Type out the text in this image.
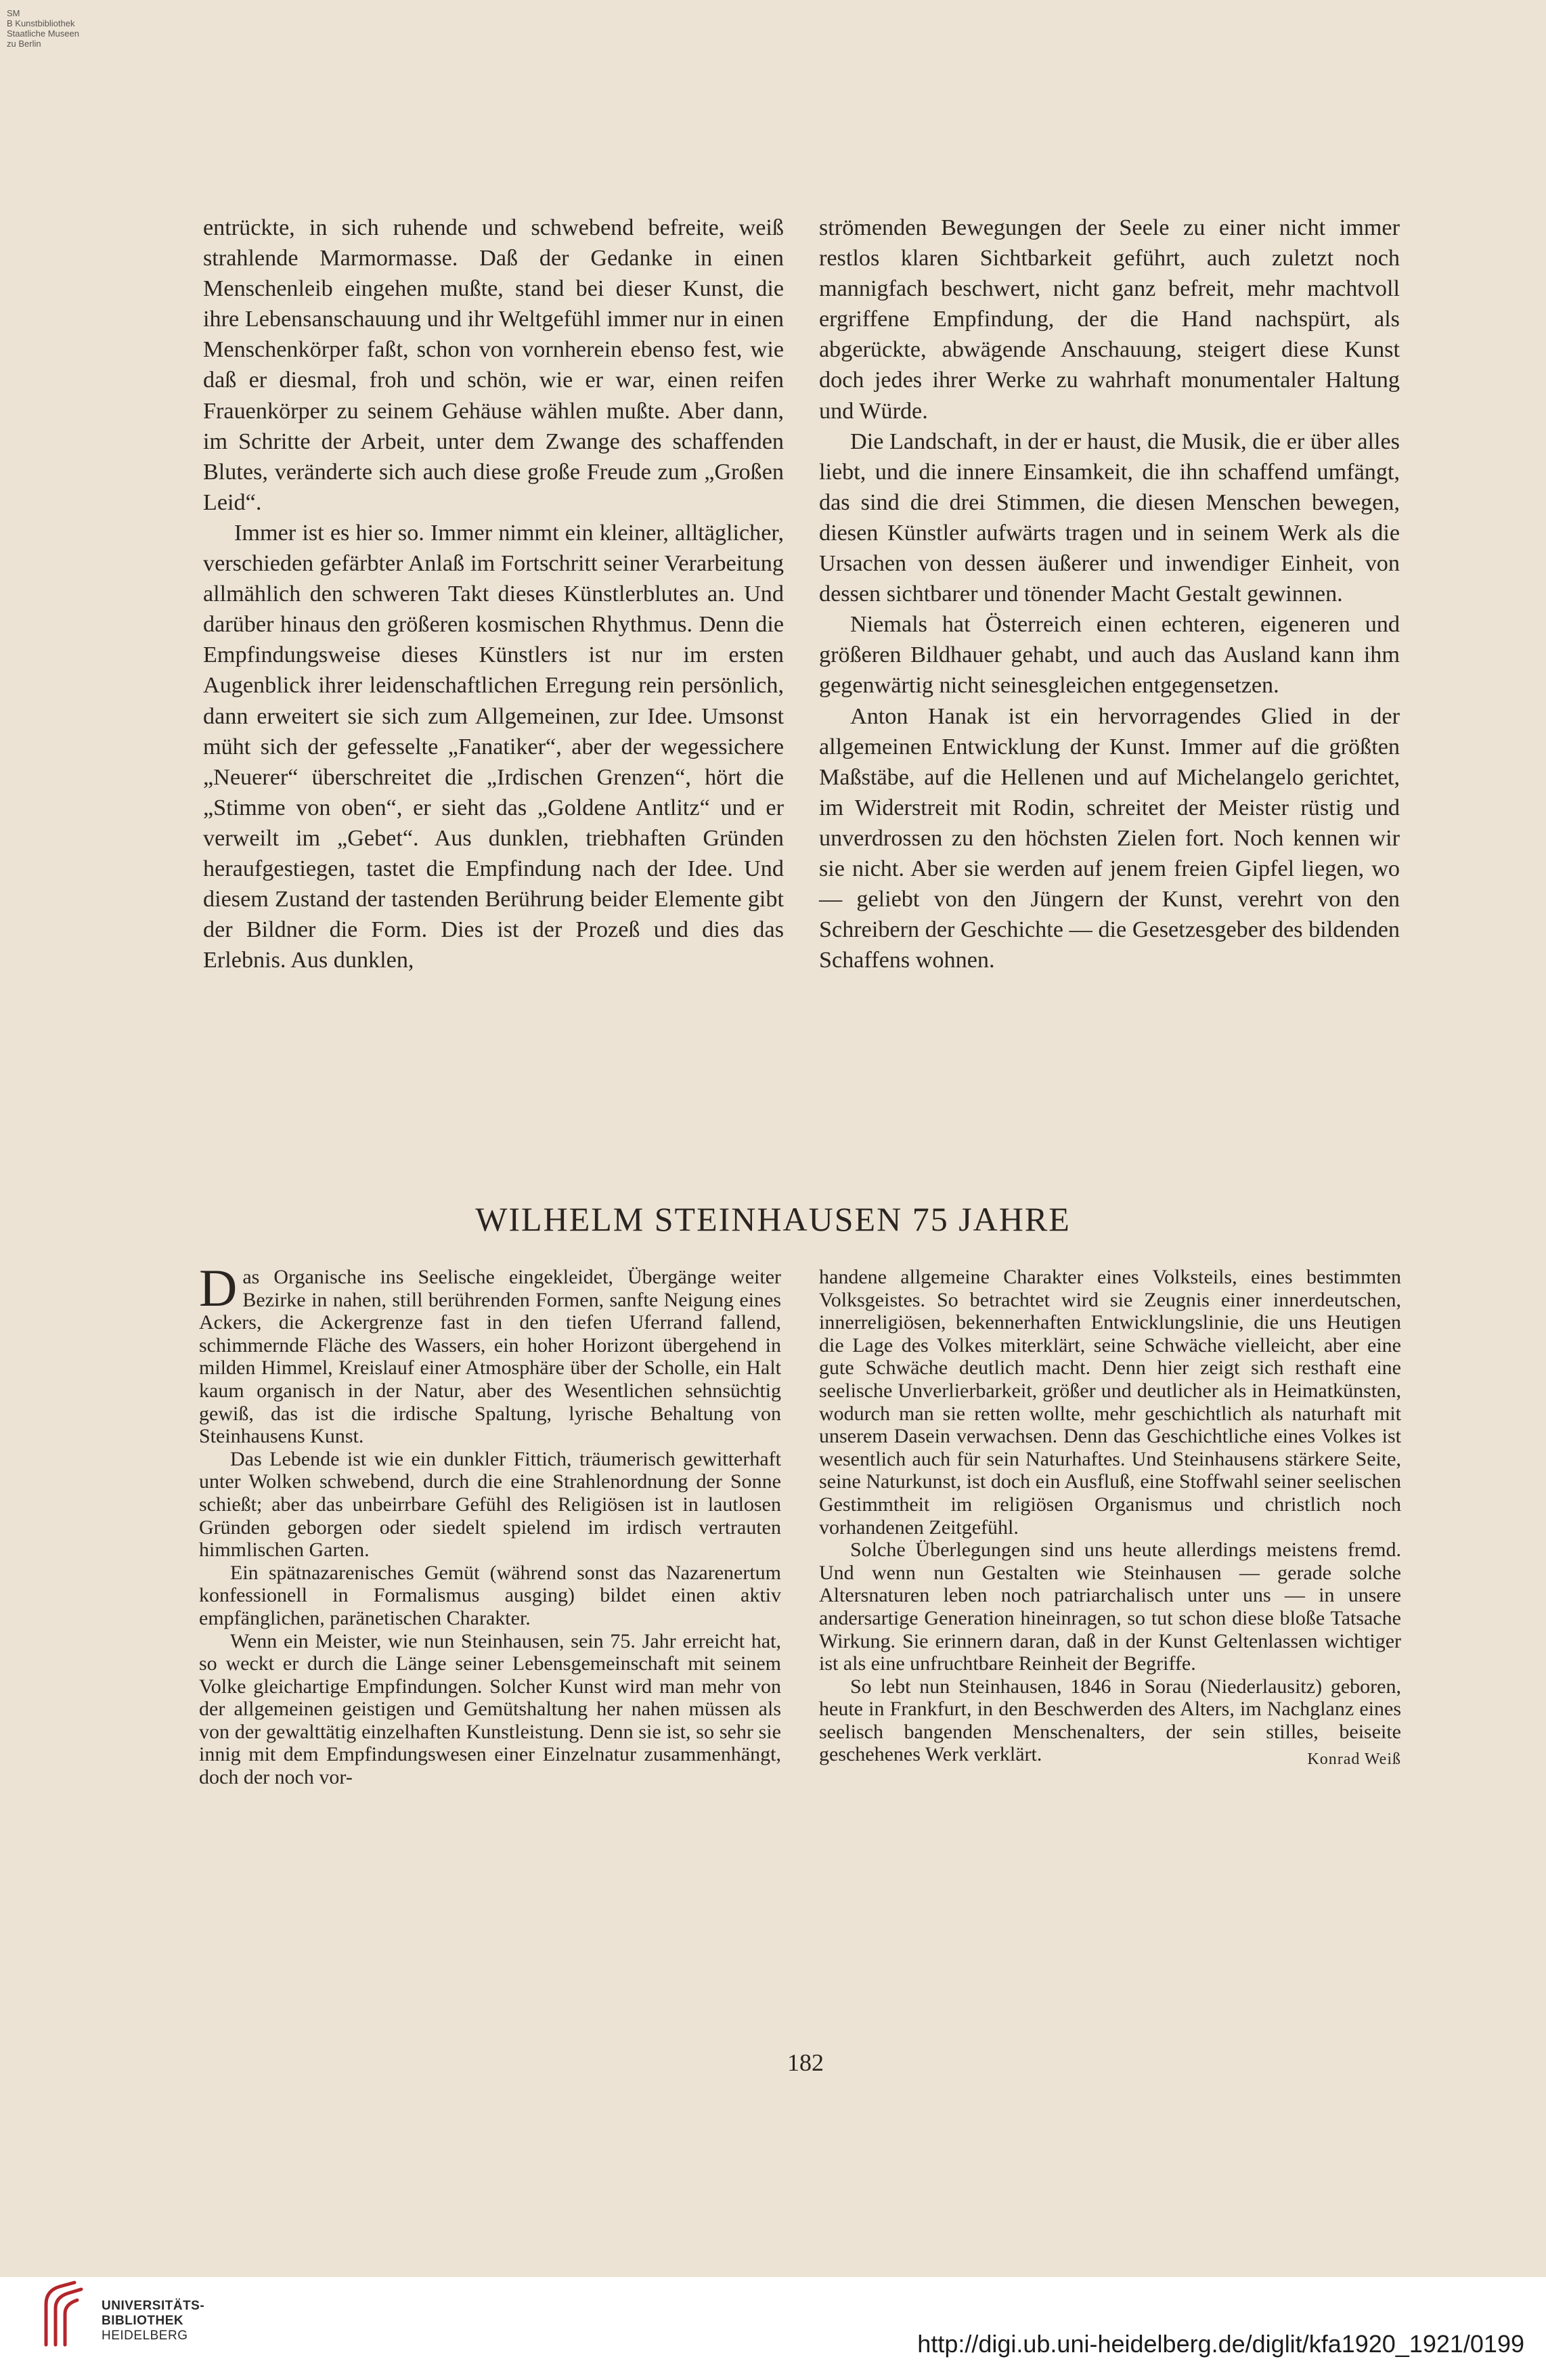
SM
B Kunstbibliothek
Staatliche Museen
zu Berlin

entrückte, in sich ruhende und schwebend befreite, weiß strahlende Marmormasse. Daß der Gedanke in einen Menschenleib eingehen mußte, stand bei dieser Kunst, die ihre Lebensanschauung und ihr Weltgefühl immer nur in einen Menschenkörper faßt, schon von vornherein ebenso fest, wie daß er diesmal, froh und schön, wie er war, einen reifen Frauenkörper zu seinem Gehäuse wählen mußte. Aber dann, im Schritte der Arbeit, unter dem Zwange des schaffenden Blutes, veränderte sich auch diese große Freude zum „Großen Leid“.

Immer ist es hier so. Immer nimmt ein kleiner, alltäglicher, verschieden gefärbter Anlaß im Fortschritt seiner Verarbeitung allmählich den schweren Takt dieses Künstlerblutes an. Und darüber hinaus den größeren kosmischen Rhythmus. Denn die Empfindungsweise dieses Künstlers ist nur im ersten Augenblick ihrer leidenschaftlichen Erregung rein persönlich, dann erweitert sie sich zum Allgemeinen, zur Idee. Umsonst müht sich der gefesselte „Fanatiker“, aber der wegessichere „Neuerer“ überschreitet die „Irdischen Grenzen“, hört die „Stimme von oben“, er sieht das „Goldene Antlitz“ und er verweilt im „Gebet“. Aus dunklen, triebhaften Gründen heraufgestiegen, tastet die Empfindung nach der Idee. Und diesem Zustand der tastenden Berührung beider Elemente gibt der Bildner die Form. Dies ist der Prozeß und dies das Erlebnis. Aus dunklen,

strömenden Bewegungen der Seele zu einer nicht immer restlos klaren Sichtbarkeit geführt, auch zuletzt noch mannigfach beschwert, nicht ganz befreit, mehr machtvoll ergriffene Empfindung, der die Hand nachspürt, als abgerückte, abwägende Anschauung, steigert diese Kunst doch jedes ihrer Werke zu wahrhaft monumentaler Haltung und Würde.

Die Landschaft, in der er haust, die Musik, die er über alles liebt, und die innere Einsamkeit, die ihn schaffend umfängt, das sind die drei Stimmen, die diesen Menschen bewegen, diesen Künstler aufwärts tragen und in seinem Werk als die Ursachen von dessen äußerer und inwendiger Einheit, von dessen sichtbarer und tönender Macht Gestalt gewinnen.

Niemals hat Österreich einen echteren, eigeneren und größeren Bildhauer gehabt, und auch das Ausland kann ihm gegenwärtig nicht seinesgleichen entgegensetzen.

Anton Hanak ist ein hervorragendes Glied in der allgemeinen Entwicklung der Kunst. Immer auf die größten Maßstäbe, auf die Hellenen und auf Michelangelo gerichtet, im Widerstreit mit Rodin, schreitet der Meister rüstig und unverdrossen zu den höchsten Zielen fort. Noch kennen wir sie nicht. Aber sie werden auf jenem freien Gipfel liegen, wo — geliebt von den Jüngern der Kunst, verehrt von den Schreibern der Geschichte — die Gesetzesgeber des bildenden Schaffens wohnen.

WILHELM STEINHAUSEN 75 JAHRE

Das Organische ins Seelische eingekleidet, Übergänge weiter Bezirke in nahen, still berührenden Formen, sanfte Neigung eines Ackers, die Ackergrenze fast in den tiefen Uferrand fallend, schimmernde Fläche des Wassers, ein hoher Horizont übergehend in milden Himmel, Kreislauf einer Atmosphäre über der Scholle, ein Halt kaum organisch in der Natur, aber des Wesentlichen sehnsüchtig gewiß, das ist die irdische Spaltung, lyrische Behaltung von Steinhausens Kunst.

Das Lebende ist wie ein dunkler Fittich, träumerisch gewitterhaft unter Wolken schwebend, durch die eine Strahlenordnung der Sonne schießt; aber das unbeirrbare Gefühl des Religiösen ist in lautlosen Gründen geborgen oder siedelt spielend im irdisch vertrauten himmlischen Garten.

Ein spätnazarenisches Gemüt (während sonst das Nazarenertum konfessionell in Formalismus ausging) bildet einen aktiv empfänglichen, paränetischen Charakter.

Wenn ein Meister, wie nun Steinhausen, sein 75. Jahr erreicht hat, so weckt er durch die Länge seiner Lebensgemeinschaft mit seinem Volke gleichartige Empfindungen. Solcher Kunst wird man mehr von der allgemeinen geistigen und Gemütshaltung her nahen müssen als von der gewalttätig einzelhaften Kunstleistung. Denn sie ist, so sehr sie innig mit dem Empfindungswesen einer Einzelnatur zusammenhängt, doch der noch vor-

handene allgemeine Charakter eines Volksteils, eines bestimmten Volksgeistes. So betrachtet wird sie Zeugnis einer innerdeutschen, innerreligiösen, bekennerhaften Entwicklungslinie, die uns Heutigen die Lage des Volkes miterklärt, seine Schwäche vielleicht, aber eine gute Schwäche deutlich macht. Denn hier zeigt sich resthaft eine seelische Unverlierbarkeit, größer und deutlicher als in Heimatkünsten, wodurch man sie retten wollte, mehr geschichtlich als naturhaft mit unserem Dasein verwachsen. Denn das Geschichtliche eines Volkes ist wesentlich auch für sein Naturhaftes. Und Steinhausens stärkere Seite, seine Naturkunst, ist doch ein Ausfluß, eine Stoffwahl seiner seelischen Gestimmtheit im religiösen Organismus und christlich noch vorhandenen Zeitgefühl.

Solche Überlegungen sind uns heute allerdings meistens fremd. Und wenn nun Gestalten wie Steinhausen — gerade solche Altersnaturen leben noch patriarchalisch unter uns — in unsere andersartige Generation hineinragen, so tut schon diese bloße Tatsache Wirkung. Sie erinnern daran, daß in der Kunst Geltenlassen wichtiger ist als eine unfruchtbare Reinheit der Begriffe.

So lebt nun Steinhausen, 1846 in Sorau (Niederlausitz) geboren, heute in Frankfurt, in den Beschwerden des Alters, im Nachglanz eines seelisch bangenden Menschenalters, der sein stilles, beiseite geschehenes Werk verklärt.	Konrad Weiß

182
UNIVERSITÄTS-
BIBLIOTHEK
HEIDELBERG	http://digi.ub.uni-heidelberg.de/diglit/kfa1920_1921/0199
